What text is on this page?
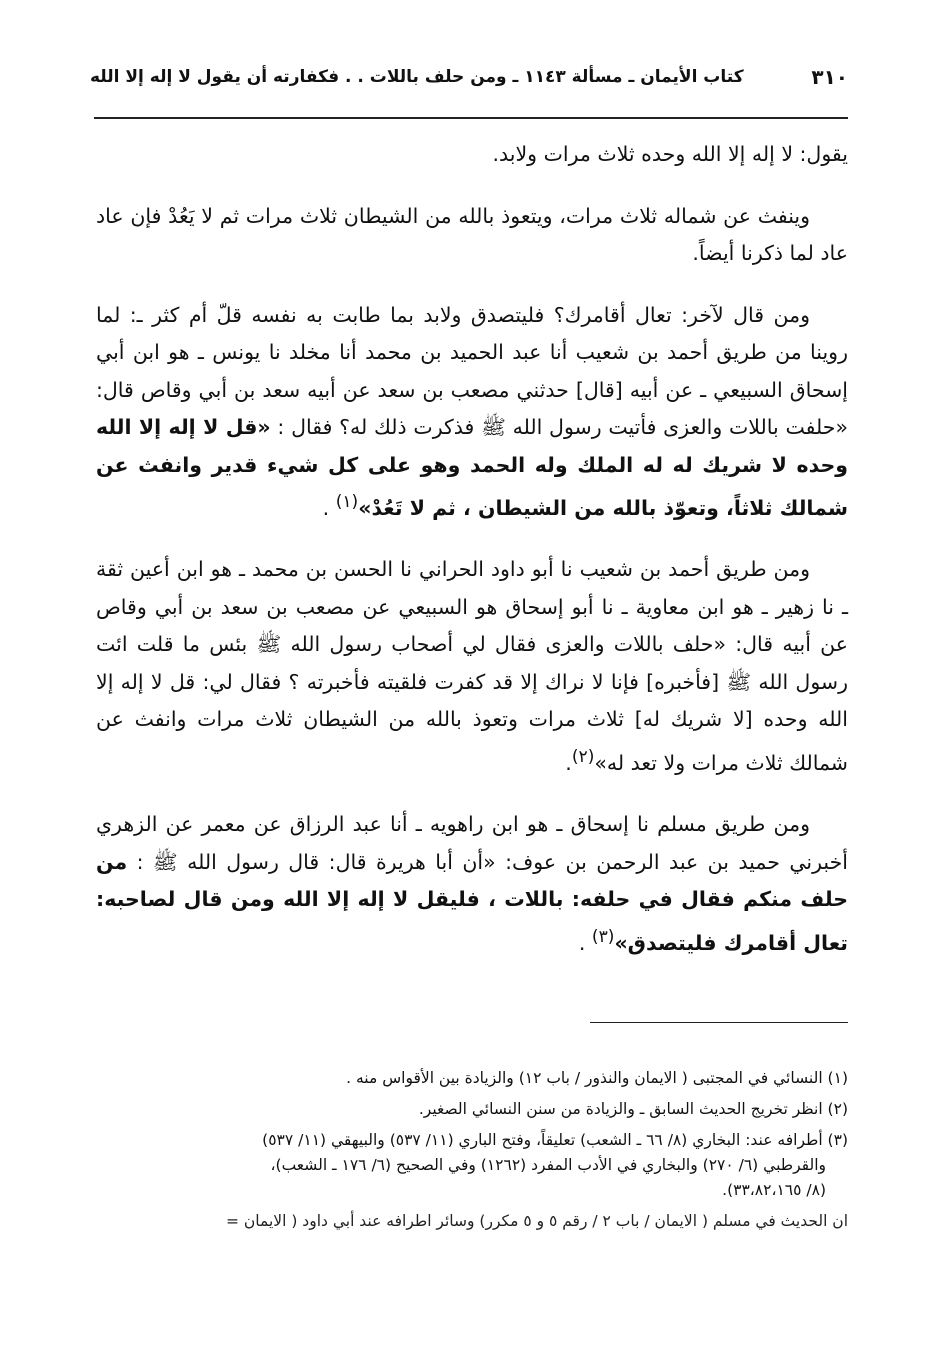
٣١٠
كتاب الأيمان ـ مسألة ١١٤٣ ـ ومن حلف باللات . . فكفارته أن يقول لا إله إلا الله

يقول: لا إله إلا الله وحده ثلاث مرات ولابد.

وينفث عن شماله ثلاث مرات، ويتعوذ بالله من الشيطان ثلاث مرات ثم لا يَعُدْ فإن عاد عاد لما ذكرنا أيضاً.

ومن قال لآخر: تعال أقامرك؟ فليتصدق ولابد بما طابت به نفسه قلّ أم كثر ـ: لما روينا من طريق أحمد بن شعيب أنا عبد الحميد بن محمد أنا مخلد نا يونس ـ هو ابن أبي إسحاق السبيعي ـ عن أبيه [قال] حدثني مصعب بن سعد عن أبيه سعد بن أبي وقاص قال: «حلفت باللات والعزى فأتيت رسول الله ﷺ فذكرت ذلك له؟ فقال : «قل لا إله إلا الله وحده لا شريك له له الملك وله الحمد وهو على كل شيء قدير وانفث عن شمالك ثلاثاً، وتعوّذ بالله من الشيطان ، ثم لا تَعُدْ»$^{(١)}$ .

ومن طريق أحمد بن شعيب نا أبو داود الحراني نا الحسن بن محمد ـ هو ابن أعين ثقة ـ نا زهير ـ هو ابن معاوية ـ نا أبو إسحاق هو السبيعي عن مصعب بن سعد بن أبي وقاص عن أبيه قال: «حلف باللات والعزى فقال لي أصحاب رسول الله ﷺ بئس ما قلت ائت رسول الله ﷺ [فأخبره] فإنا لا نراك إلا قد كفرت فلقيته فأخبرته ؟ فقال لي: قل لا إله إلا الله وحده [لا شريك له] ثلاث مرات وتعوذ بالله من الشيطان ثلاث مرات وانفث عن شمالك ثلاث مرات ولا تعد له»$^{(٢)}$.

ومن طريق مسلم نا إسحاق ـ هو ابن راهويه ـ أنا عبد الرزاق عن معمر عن الزهري أخبرني حميد بن عبد الرحمن بن عوف: «أن أبا هريرة قال: قال رسول الله ﷺ : من حلف منكم فقال في حلفه: باللات ، فليقل لا إله إلا الله ومن قال لصاحبه: تعال أقامرك فليتصدق»$^{(٣)}$ .

(١) النسائي في المجتبى ( الايمان والنذور / باب ١٢) والزيادة بين الأقواس منه .

(٢) انظر تخريج الحديث السابق ـ والزيادة من سنن النسائي الصغير.

(٣) أطرافه عند: البخاري (٨/ ٦٦ ـ الشعب) تعليقاً، وفتح الباري (١١/ ٥٣٧) والبيهقي (١١/ ٥٣٧)
والقرطبي (٦/ ٢٧٠) والبخاري في الأدب المفرد (١٢٦٢) وفي الصحيح (٦/ ١٧٦ ـ الشعب)،
(٨/ ٣٣،٨٢،١٦٥).

ان الحديث في مسلم ( الايمان / باب ٢ / رقم ٥ و ٥ مكرر) وسائر اطرافه عند أبي داود ( الايمان =
